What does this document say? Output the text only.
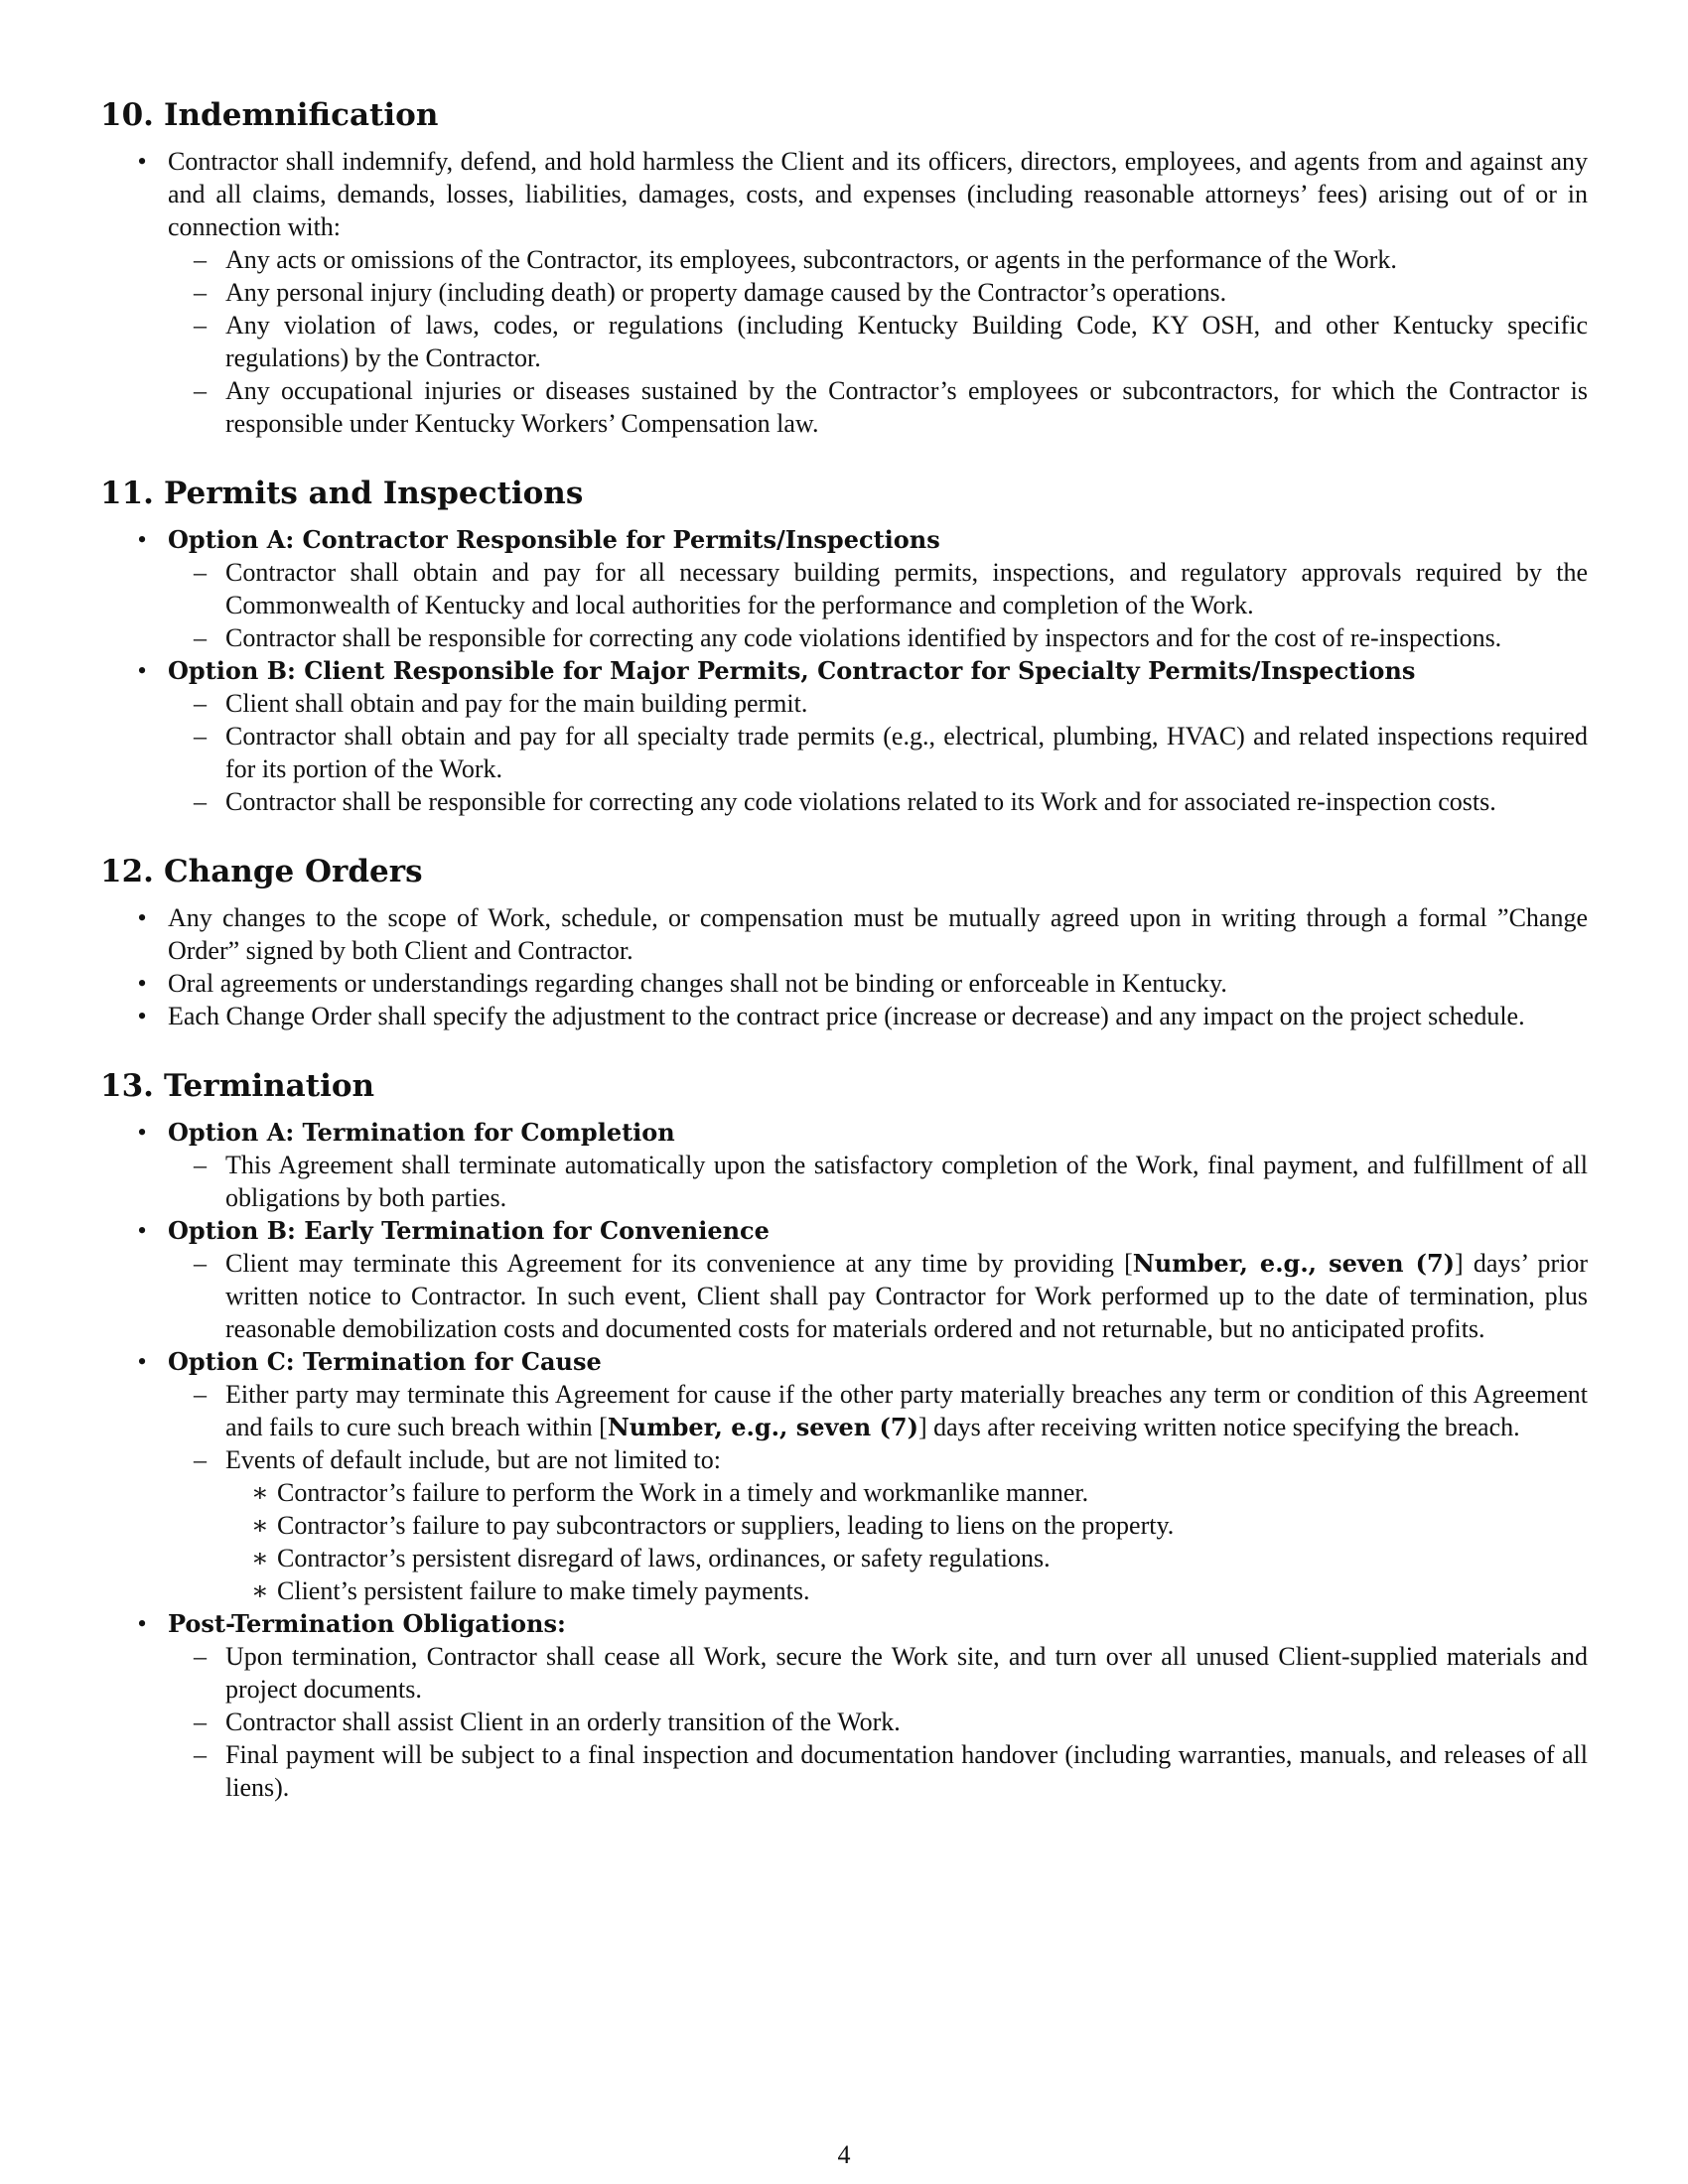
10. Indemnification
• Contractor shall indemnify, defend, and hold harmless the Client and its officers, directors, employees, and agents from and against any and all claims, demands, losses, liabilities, damages, costs, and expenses (including reasonable attorneys’ fees) arising out of or in connection with:
– Any acts or omissions of the Contractor, its employees, subcontractors, or agents in the performance of the Work.
– Any personal injury (including death) or property damage caused by the Contractor’s operations.
– Any violation of laws, codes, or regulations (including Kentucky Building Code, KY OSH, and other Kentucky specific regulations) by the Contractor.
– Any occupational injuries or diseases sustained by the Contractor’s employees or subcontractors, for which the Contractor is responsible under Kentucky Workers’ Compensation law.
11. Permits and Inspections
• Option A: Contractor Responsible for Permits/Inspections
– Contractor shall obtain and pay for all necessary building permits, inspections, and regulatory approvals required by the Commonwealth of Kentucky and local authorities for the performance and completion of the Work.
– Contractor shall be responsible for correcting any code violations identified by inspectors and for the cost of re-inspections.
• Option B: Client Responsible for Major Permits, Contractor for Specialty Permits/Inspections
– Client shall obtain and pay for the main building permit.
– Contractor shall obtain and pay for all specialty trade permits (e.g., electrical, plumbing, HVAC) and related inspections required for its portion of the Work.
– Contractor shall be responsible for correcting any code violations related to its Work and for associated re-inspection costs.
12. Change Orders
• Any changes to the scope of Work, schedule, or compensation must be mutually agreed upon in writing through a formal ”Change Order” signed by both Client and Contractor.
• Oral agreements or understandings regarding changes shall not be binding or enforceable in Kentucky.
• Each Change Order shall specify the adjustment to the contract price (increase or decrease) and any impact on the project schedule.
13. Termination
• Option A: Termination for Completion
– This Agreement shall terminate automatically upon the satisfactory completion of the Work, final payment, and fulfillment of all obligations by both parties.
• Option B: Early Termination for Convenience
– Client may terminate this Agreement for its convenience at any time by providing [Number, e.g., seven (7)] days’ prior written notice to Contractor. In such event, Client shall pay Contractor for Work performed up to the date of termination, plus reasonable demobilization costs and documented costs for materials ordered and not returnable, but no anticipated profits.
• Option C: Termination for Cause
– Either party may terminate this Agreement for cause if the other party materially breaches any term or condition of this Agreement and fails to cure such breach within [Number, e.g., seven (7)] days after receiving written notice specifying the breach.
– Events of default include, but are not limited to:
∗ Contractor’s failure to perform the Work in a timely and workmanlike manner.
∗ Contractor’s failure to pay subcontractors or suppliers, leading to liens on the property.
∗ Contractor’s persistent disregard of laws, ordinances, or safety regulations.
∗ Client’s persistent failure to make timely payments.
• Post-Termination Obligations:
– Upon termination, Contractor shall cease all Work, secure the Work site, and turn over all unused Client-supplied materials and project documents.
– Contractor shall assist Client in an orderly transition of the Work.
– Final payment will be subject to a final inspection and documentation handover (including warranties, manuals, and releases of all liens).
4
